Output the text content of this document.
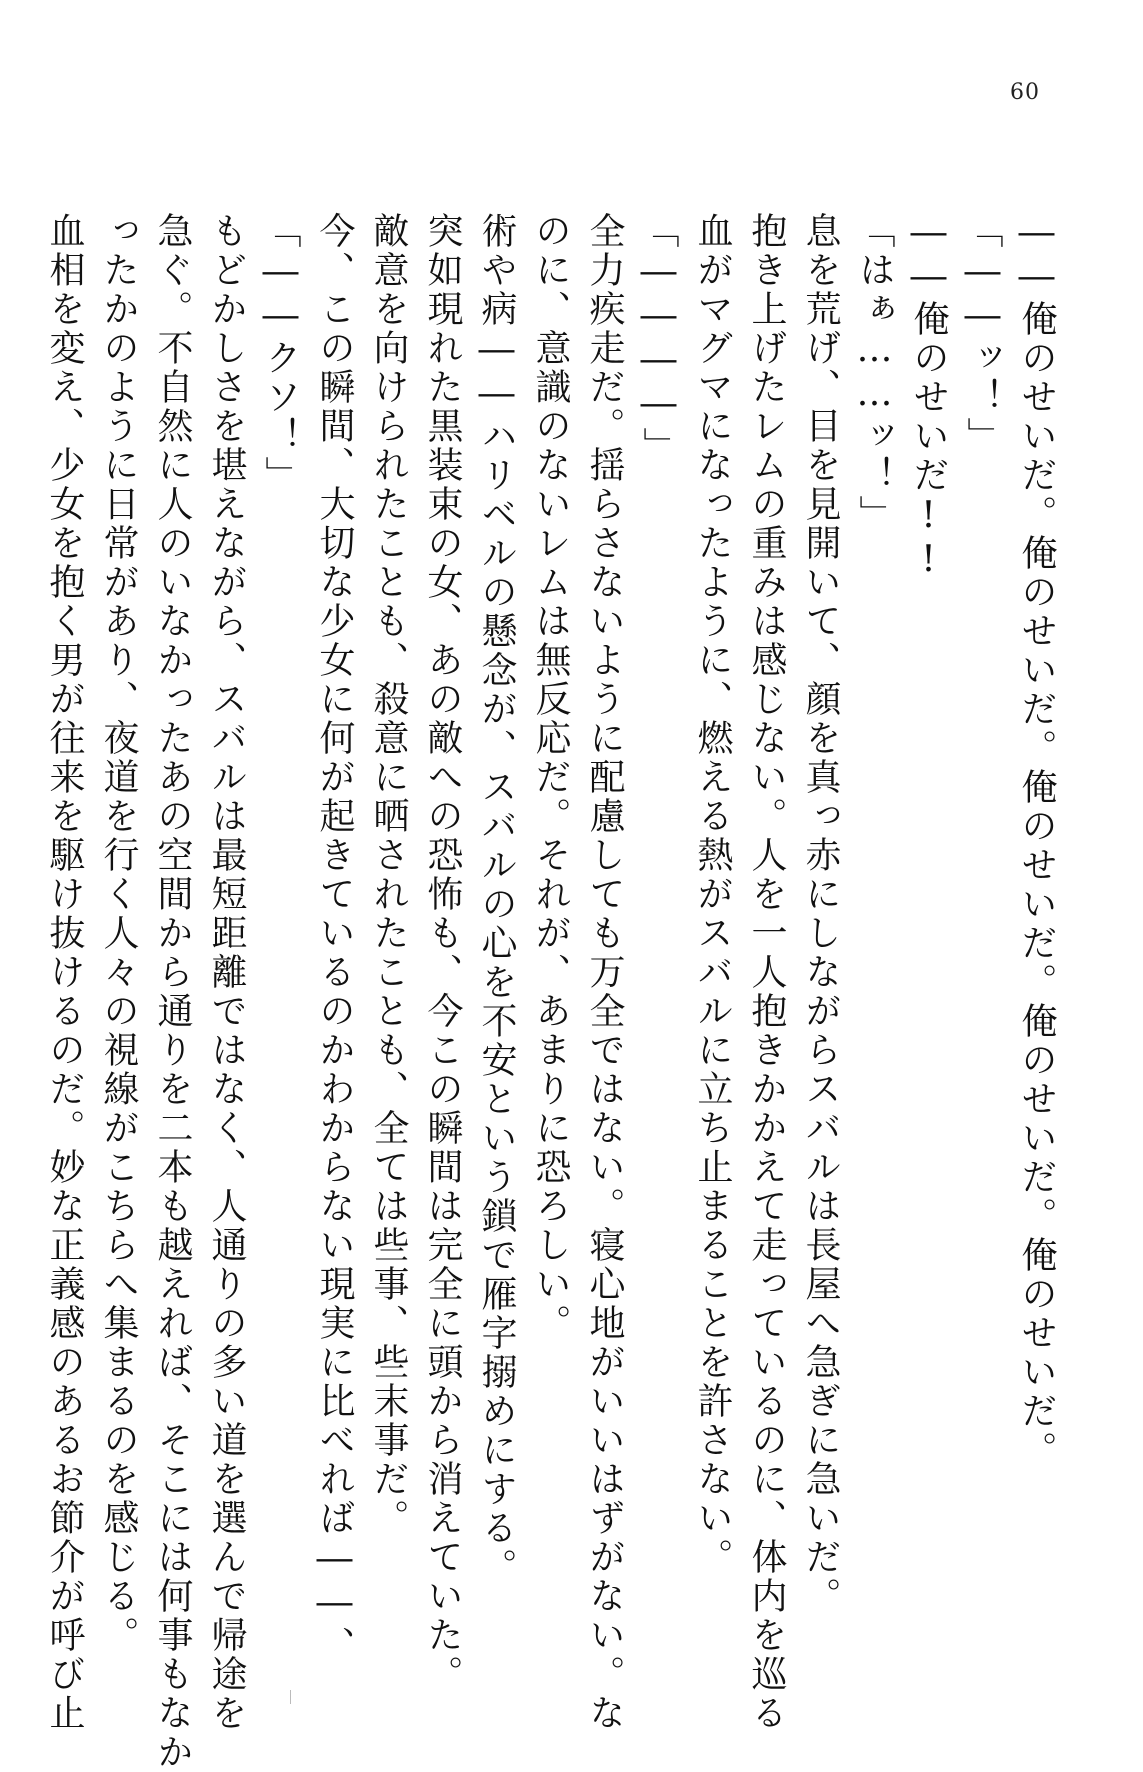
60
――俺のせいだ。俺のせいだ。俺のせいだ。俺のせいだ。俺のせいだ。
「――ッ！」
――俺のせいだ!!
「はぁ……ッ！」
息を荒げ、目を見開いて、顔を真っ赤にしながらスバルは長屋へ急ぎに急いだ。
抱き上げたレムの重みは感じない。人を一人抱きかかえて走っているのに、体内を巡る
血がマグマになったように、燃える熱がスバルに立ち止まることを許さない。
「――――」
全力疾走だ。揺らさないように配慮しても万全ではない。寝心地がいいはずがない。な
のに、意識のないレムは無反応だ。それが、あまりに恐ろしい。
術や病――ハリベルの懸念が、スバルの心を不安という鎖で雁字搦めにする。
突如現れた黒装束の女、あの敵への恐怖も、今この瞬間は完全に頭から消えていた。
敵意を向けられたことも、殺意に晒されたことも、全ては些事、些末事だ。
今、この瞬間、大切な少女に何が起きているのかわからない現実に比べれば――、
「――クソ！」
もどかしさを堪えながら、スバルは最短距離ではなく、人通りの多い道を選んで帰途を
急ぐ。不自然に人のいなかったあの空間から通りを二本も越えれば、そこには何事もなか
ったかのように日常があり、夜道を行く人々の視線がこちらへ集まるのを感じる。
血相を変え、少女を抱く男が往来を駆け抜けるのだ。妙な正義感のあるお節介が呼び止
